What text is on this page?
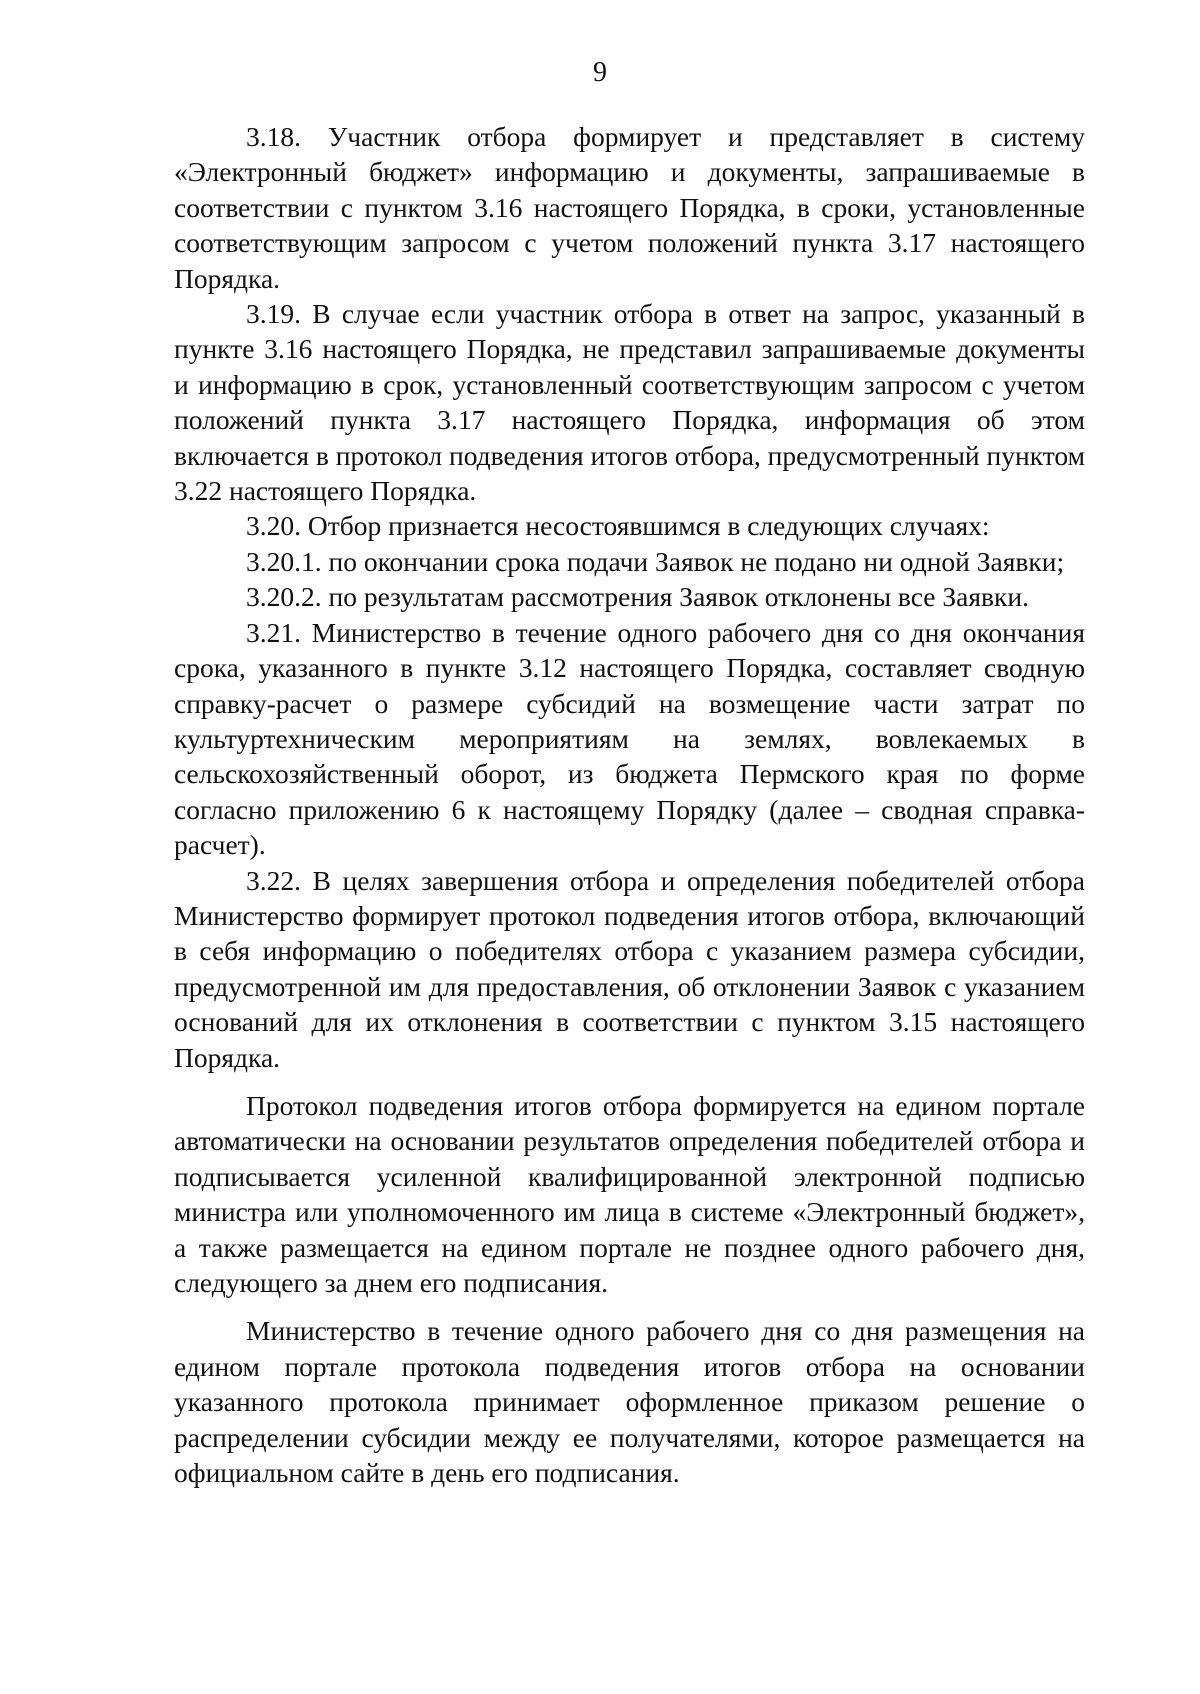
9

3.18. Участник отбора формирует и представляет в систему «Электронный бюджет» информацию и документы, запрашиваемые в соответствии с пунктом 3.16 настоящего Порядка, в сроки, установленные соответствующим запросом с учетом положений пункта 3.17 настоящего Порядка.

3.19. В случае если участник отбора в ответ на запрос, указанный в пункте 3.16 настоящего Порядка, не представил запрашиваемые документы и информацию в срок, установленный соответствующим запросом с учетом положений пункта 3.17 настоящего Порядка, информация об этом включается в протокол подведения итогов отбора, предусмотренный пунктом 3.22 настоящего Порядка.

3.20. Отбор признается несостоявшимся в следующих случаях:

3.20.1. по окончании срока подачи Заявок не подано ни одной Заявки;

3.20.2. по результатам рассмотрения Заявок отклонены все Заявки.

3.21. Министерство в течение одного рабочего дня со дня окончания срока, указанного в пункте 3.12 настоящего Порядка, составляет сводную справку-расчет о размере субсидий на возмещение части затрат по культуртехническим мероприятиям на землях, вовлекаемых в сельскохозяйственный оборот, из бюджета Пермского края по форме согласно приложению 6 к настоящему Порядку (далее – сводная справка-расчет).

3.22. В целях завершения отбора и определения победителей отбора Министерство формирует протокол подведения итогов отбора, включающий в себя информацию о победителях отбора с указанием размера субсидии, предусмотренной им для предоставления, об отклонении Заявок с указанием оснований для их отклонения в соответствии с пунктом 3.15 настоящего Порядка.

Протокол подведения итогов отбора формируется на едином портале автоматически на основании результатов определения победителей отбора и подписывается усиленной квалифицированной электронной подписью министра или уполномоченного им лица в системе «Электронный бюджет», а также размещается на едином портале не позднее одного рабочего дня, следующего за днем его подписания.

Министерство в течение одного рабочего дня со дня размещения на едином портале протокола подведения итогов отбора на основании указанного протокола принимает оформленное приказом решение о распределении субсидии между ее получателями, которое размещается на официальном сайте в день его подписания.
